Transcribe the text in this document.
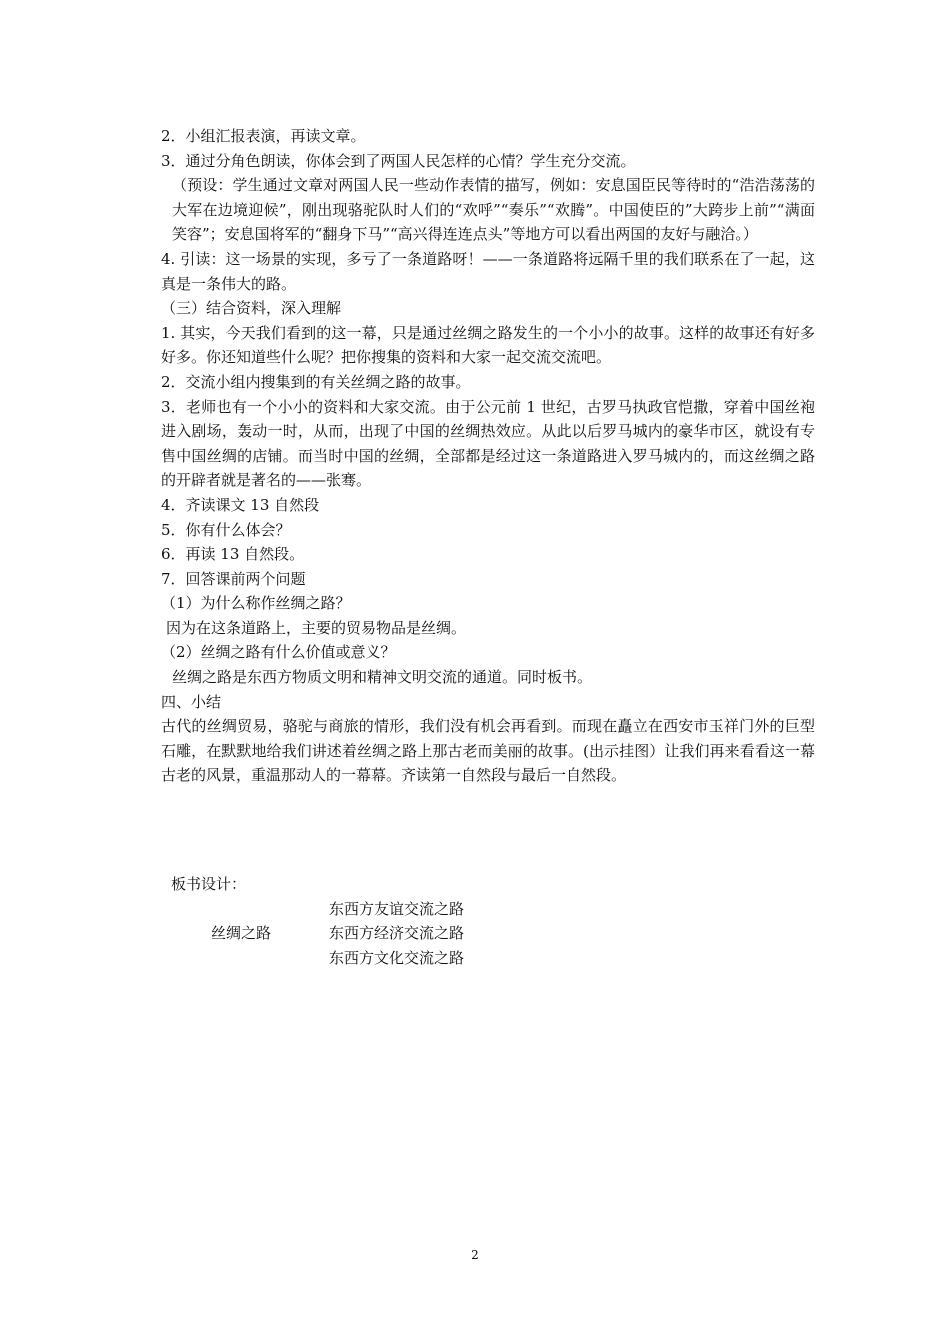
2．小组汇报表演，再读文章。

3．通过分角色朗读，你体会到了两国人民怎样的心情？学生充分交流。

（预设：学生通过文章对两国人民一些动作表情的描写，例如：安息国臣民等待时的“浩浩荡荡的大军在边境迎候”，刚出现骆驼队时人们的“欢呼”“奏乐”“欢腾”。中国使臣的”大跨步上前”“满面笑容”；安息国将军的“翻身下马”“高兴得连连点头”等地方可以看出两国的友好与融洽。）

4. 引读：这一场景的实现，多亏了一条道路呀！——一条道路将远隔千里的我们联系在了一起，这真是一条伟大的路。

（三）结合资料，深入理解

1. 其实，今天我们看到的这一幕，只是通过丝绸之路发生的一个小小的故事。这样的故事还有好多好多。你还知道些什么呢？把你搜集的资料和大家一起交流交流吧。

2．交流小组内搜集到的有关丝绸之路的故事。

3．老师也有一个小小的资料和大家交流。由于公元前 1 世纪，古罗马执政官恺撒，穿着中国丝袍进入剧场，轰动一时，从而，出现了中国的丝绸热效应。从此以后罗马城内的豪华市区，就设有专售中国丝绸的店铺。而当时中国的丝绸，全部都是经过这一条道路进入罗马城内的，而这丝绸之路的开辟者就是著名的——张骞。

4．齐读课文 13 自然段

5．你有什么体会？

6．再读 13 自然段。

7．回答课前两个问题

（1）为什么称作丝绸之路？

因为在这条道路上，主要的贸易物品是丝绸。

（2）丝绸之路有什么价值或意义？

丝绸之路是东西方物质文明和精神文明交流的通道。同时板书。

四、小结

古代的丝绸贸易，骆驼与商旅的情形，我们没有机会再看到。而现在矗立在西安市玉祥门外的巨型石雕，在默默地给我们讲述着丝绸之路上那古老而美丽的故事。(出示挂图）让我们再来看看这一幕古老的风景，重温那动人的一幕幕。齐读第一自然段与最后一自然段。

板书设计：
东西方友谊交流之路
丝绸之路	东西方经济交流之路
东西方文化交流之路
2
